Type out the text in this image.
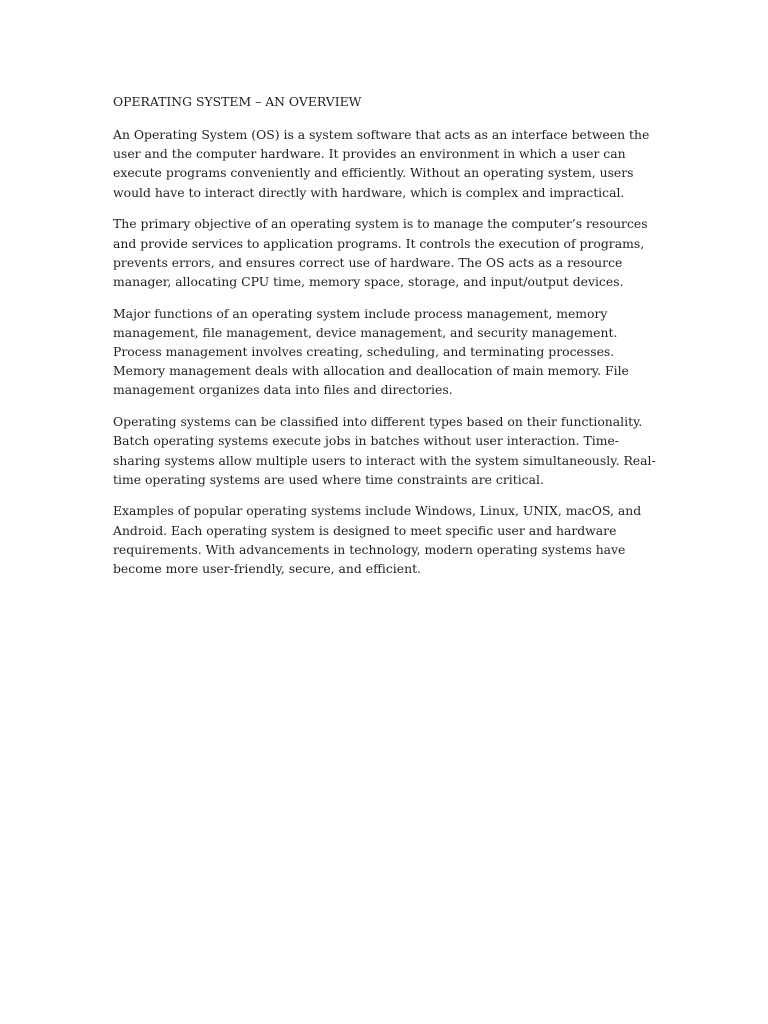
OPERATING SYSTEM – AN OVERVIEW

An Operating System (OS) is a system software that acts as an interface between the user and the computer hardware. It provides an environment in which a user can execute programs conveniently and efficiently. Without an operating system, users would have to interact directly with hardware, which is complex and impractical.

The primary objective of an operating system is to manage the computer’s resources and provide services to application programs. It controls the execution of programs, prevents errors, and ensures correct use of hardware. The OS acts as a resource manager, allocating CPU time, memory space, storage, and input/output devices.

Major functions of an operating system include process management, memory management, file management, device management, and security management. Process management involves creating, scheduling, and terminating processes. Memory management deals with allocation and deallocation of main memory. File management organizes data into files and directories.

Operating systems can be classified into different types based on their functionality. Batch operating systems execute jobs in batches without user interaction. Time-sharing systems allow multiple users to interact with the system simultaneously. Real-time operating systems are used where time constraints are critical.

Examples of popular operating systems include Windows, Linux, UNIX, macOS, and Android. Each operating system is designed to meet specific user and hardware requirements. With advancements in technology, modern operating systems have become more user-friendly, secure, and efficient.
